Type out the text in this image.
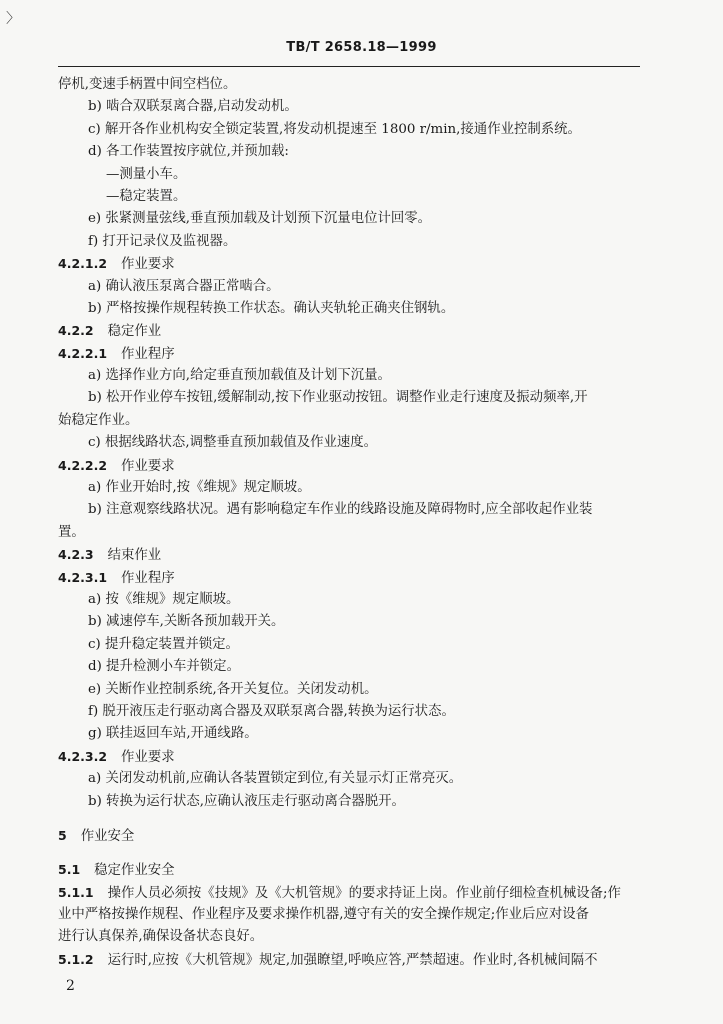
〉
TB/T 2658.18—1999
停机,变速手柄置中间空档位。
b) 啮合双联泵离合器,启动发动机。
c) 解开各作业机构安全锁定装置,将发动机提速至 1800 r/min,接通作业控制系统。
d) 各工作装置按序就位,并预加载:
—测量小车。
—稳定装置。
e) 张紧测量弦线,垂直预加载及计划预下沉量电位计回零。
f) 打开记录仪及监视器。
4.2.1.2 作业要求
a) 确认液压泵离合器正常啮合。
b) 严格按操作规程转换工作状态。确认夹轨轮正确夹住钢轨。
4.2.2 稳定作业
4.2.2.1 作业程序
a) 选择作业方向,给定垂直预加载值及计划下沉量。
b) 松开作业停车按钮,缓解制动,按下作业驱动按钮。调整作业走行速度及振动频率,开
始稳定作业。
c) 根据线路状态,调整垂直预加载值及作业速度。
4.2.2.2 作业要求
a) 作业开始时,按《维规》规定顺坡。
b) 注意观察线路状况。遇有影响稳定车作业的线路设施及障碍物时,应全部收起作业装
置。
4.2.3 结束作业
4.2.3.1 作业程序
a) 按《维规》规定顺坡。
b) 减速停车,关断各预加载开关。
c) 提升稳定装置并锁定。
d) 提升检测小车并锁定。
e) 关断作业控制系统,各开关复位。关闭发动机。
f) 脱开液压走行驱动离合器及双联泵离合器,转换为运行状态。
g) 联挂返回车站,开通线路。
4.2.3.2 作业要求
a) 关闭发动机前,应确认各装置锁定到位,有关显示灯正常亮灭。
b) 转换为运行状态,应确认液压走行驱动离合器脱开。
5 作业安全
5.1 稳定作业安全
5.1.1 操作人员必须按《技规》及《大机管规》的要求持证上岗。作业前仔细检查机械设备;作
业中严格按操作规程、作业程序及要求操作机器,遵守有关的安全操作规定;作业后应对设备
进行认真保养,确保设备状态良好。
5.1.2 运行时,应按《大机管规》规定,加强瞭望,呼唤应答,严禁超速。作业时,各机械间隔不
2
